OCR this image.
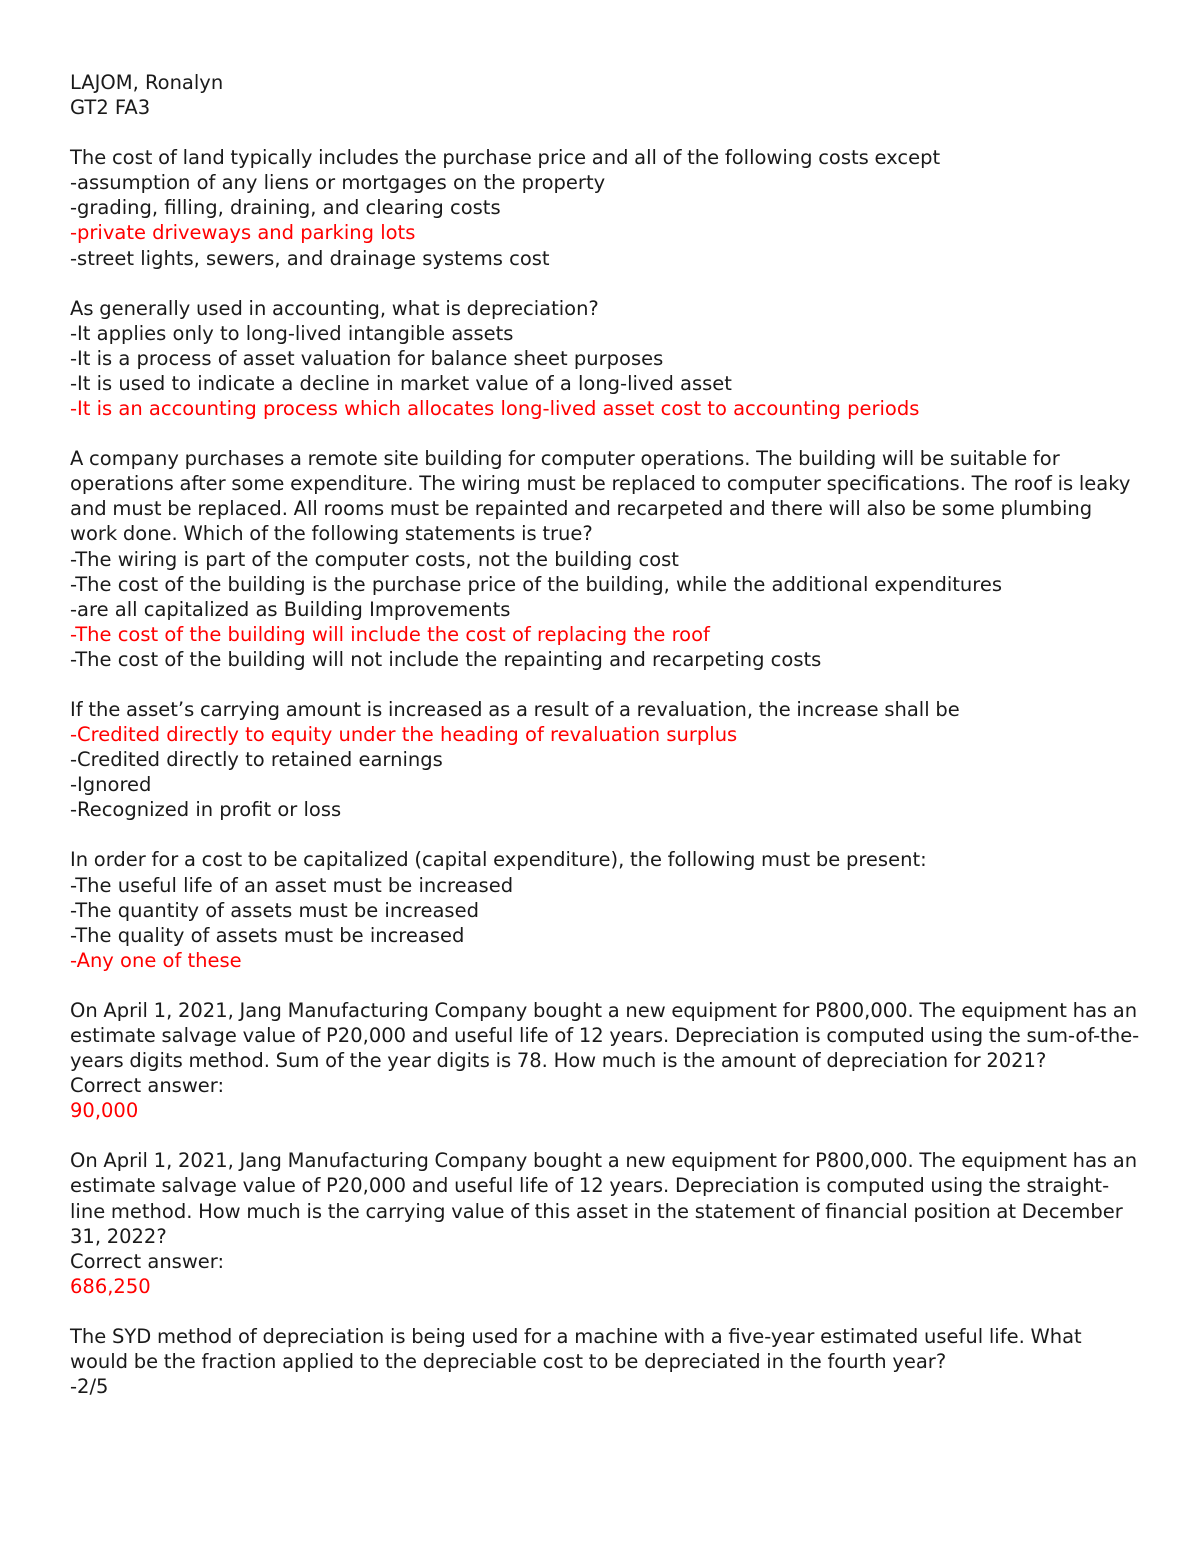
LAJOM, Ronalyn

GT2 FA3

The cost of land typically includes the purchase price and all of the following costs except

-assumption of any liens or mortgages on the property

-grading, filling, draining, and clearing costs

-private driveways and parking lots

-street lights, sewers, and drainage systems cost

As generally used in accounting, what is depreciation?

-It applies only to long-lived intangible assets

-It is a process of asset valuation for balance sheet purposes

-It is used to indicate a decline in market value of a long-lived asset

-It is an accounting process which allocates long-lived asset cost to accounting periods

A company purchases a remote site building for computer operations. The building will be suitable for operations after some expenditure. The wiring must be replaced to computer specifications. The roof is leaky and must be replaced. All rooms must be repainted and recarpeted and there will also be some plumbing work done. Which of the following statements is true?

-The wiring is part of the computer costs, not the building cost

-The cost of the building is the purchase price of the building, while the additional expenditures

-are all capitalized as Building Improvements

-The cost of the building will include the cost of replacing the roof

-The cost of the building will not include the repainting and recarpeting costs

If the asset’s carrying amount is increased as a result of a revaluation, the increase shall be

-Credited directly to equity under the heading of revaluation surplus

-Credited directly to retained earnings

-Ignored

-Recognized in profit or loss

In order for a cost to be capitalized (capital expenditure), the following must be present:

-The useful life of an asset must be increased

-The quantity of assets must be increased

-The quality of assets must be increased

-Any one of these

On April 1, 2021, Jang Manufacturing Company bought a new equipment for P800,000. The equipment has an estimate salvage value of P20,000 and useful life of 12 years. Depreciation is computed using the sum-of-the-years digits method. Sum of the year digits is 78. How much is the amount of depreciation for 2021?

Correct answer:

90,000

On April 1, 2021, Jang Manufacturing Company bought a new equipment for P800,000. The equipment has an estimate salvage value of P20,000 and useful life of 12 years. Depreciation is computed using the straight-line method. How much is the carrying value of this asset in the statement of financial position at December 31, 2022?

Correct answer:

686,250

The SYD method of depreciation is being used for a machine with a five-year estimated useful life. What would be the fraction applied to the depreciable cost to be depreciated in the fourth year?

-2/5
